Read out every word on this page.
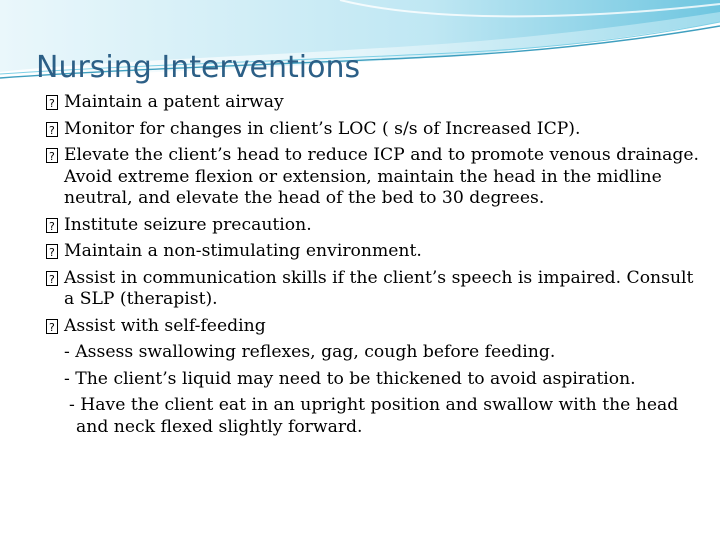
Nursing Interventions
?
Maintain a patent airway
?
Monitor for changes in client’s LOC ( s/s of Increased ICP).
?
Elevate the client’s head to reduce ICP and to promote venous drainage. Avoid extreme flexion or extension, maintain the head in the midline neutral, and elevate the head of the bed to 30 degrees.
?
Institute seizure precaution.
?
Maintain a non-stimulating environment.
?
Assist in communication skills if the client’s speech is impaired. Consult a SLP (therapist).
?
Assist with self-feeding
- Assess swallowing reflexes, gag, cough before feeding.
- The client’s liquid may need to be thickened to avoid aspiration.
- Have the client eat in an upright position and swallow with the head and neck flexed slightly forward.
